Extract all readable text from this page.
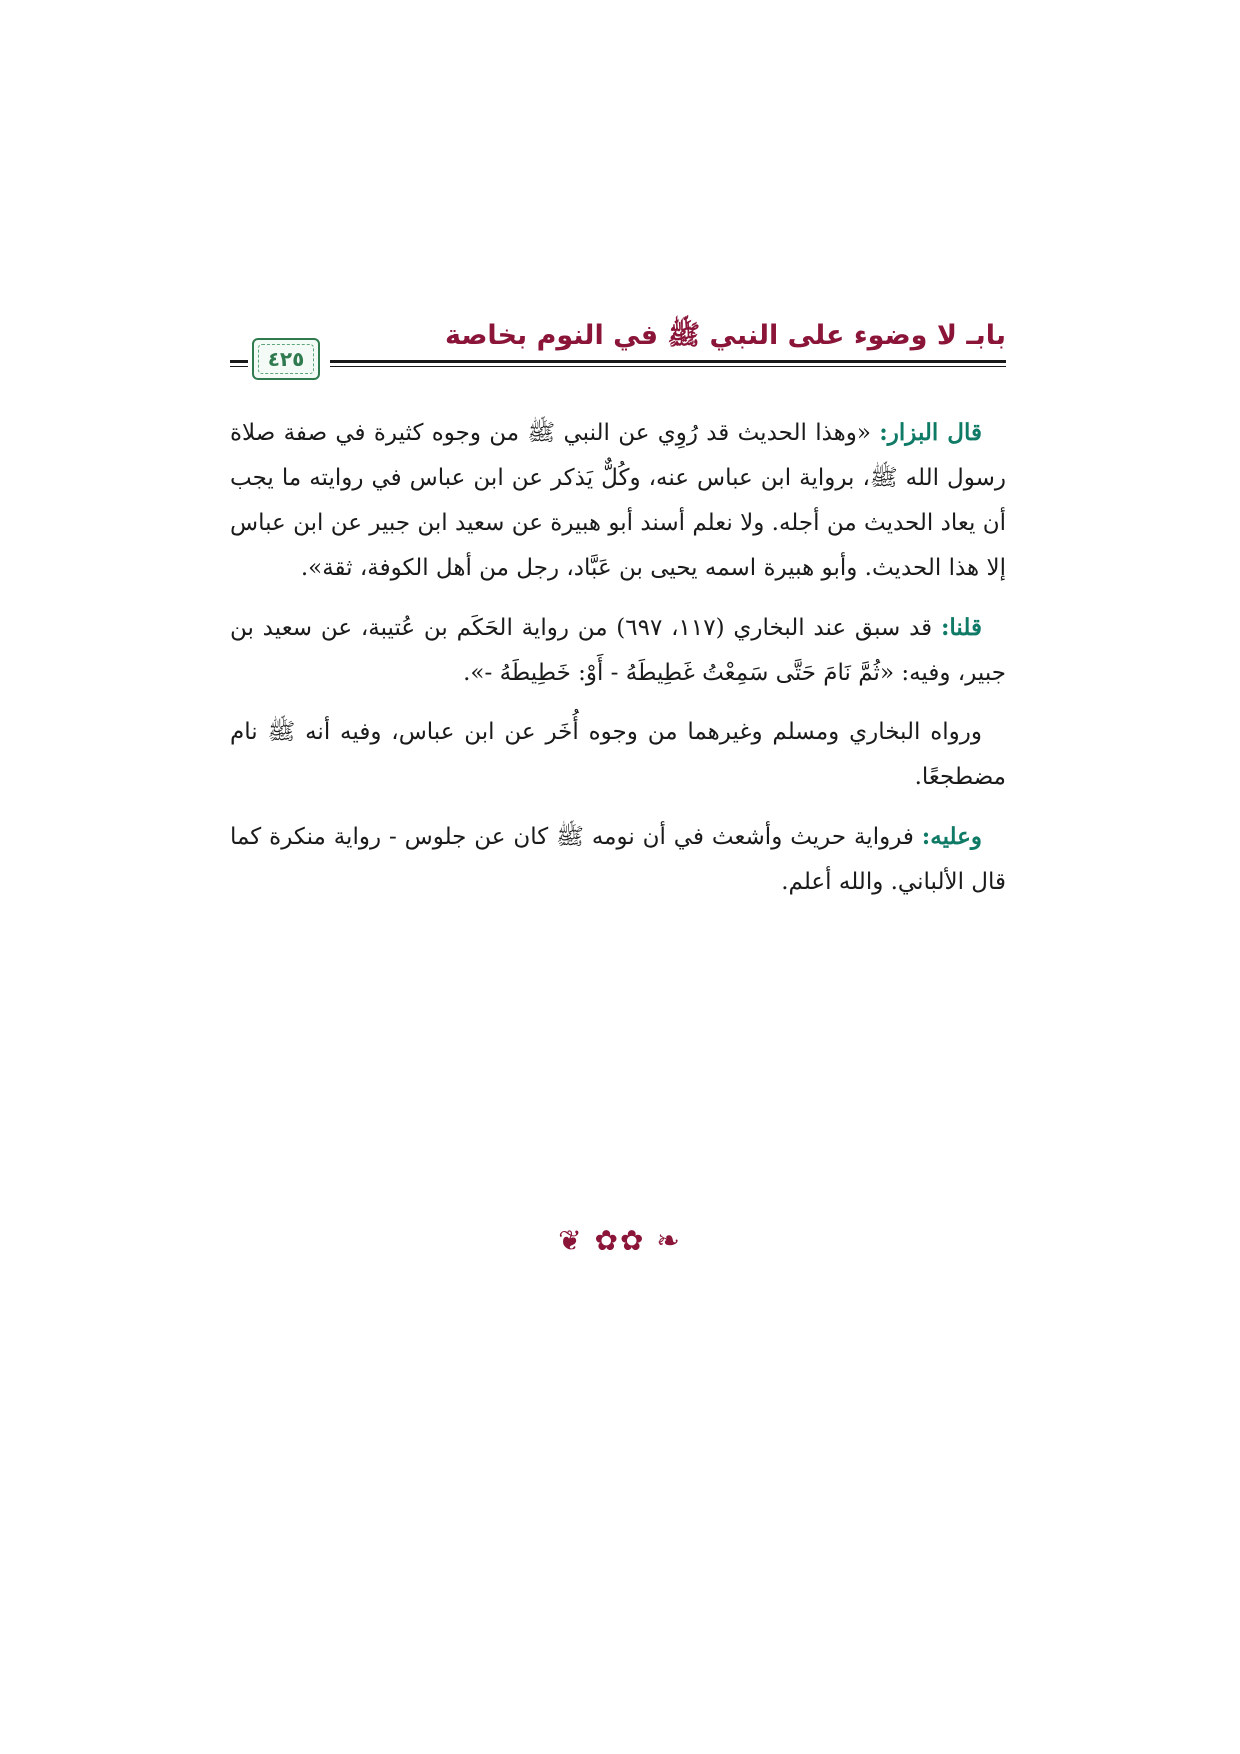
بابـ لا وضوء على النبي ﷺ في النوم بخاصة
٤٢٥

قال البزار: «وهذا الحديث قد رُوِي عن النبي ﷺ من وجوه كثيرة في صفة صلاة رسول الله ﷺ، برواية ابن عباس عنه، وكُلٌّ يَذكر عن ابن عباس في روايته ما يجب أن يعاد الحديث من أجله. ولا نعلم أسند أبو هبيرة عن سعيد ابن جبير عن ابن عباس إلا هذا الحديث. وأبو هبيرة اسمه يحيى بن عَبَّاد، رجل من أهل الكوفة، ثقة».

قلنا: قد سبق عند البخاري (١١٧، ٦٩٧) من رواية الحَكَم بن عُتيبة، عن سعيد بن جبير، وفيه: «ثُمَّ نَامَ حَتَّى سَمِعْتُ غَطِيطَهُ - أَوْ: خَطِيطَهُ -».

ورواه البخاري ومسلم وغيرهما من وجوه أُخَر عن ابن عباس، وفيه أنه ﷺ نام مضطجعًا.

وعليه: فرواية حريث وأشعث في أن نومه ﷺ كان عن جلوس - رواية منكرة كما قال الألباني. والله أعلم.

❦ ✿✿ ❧
